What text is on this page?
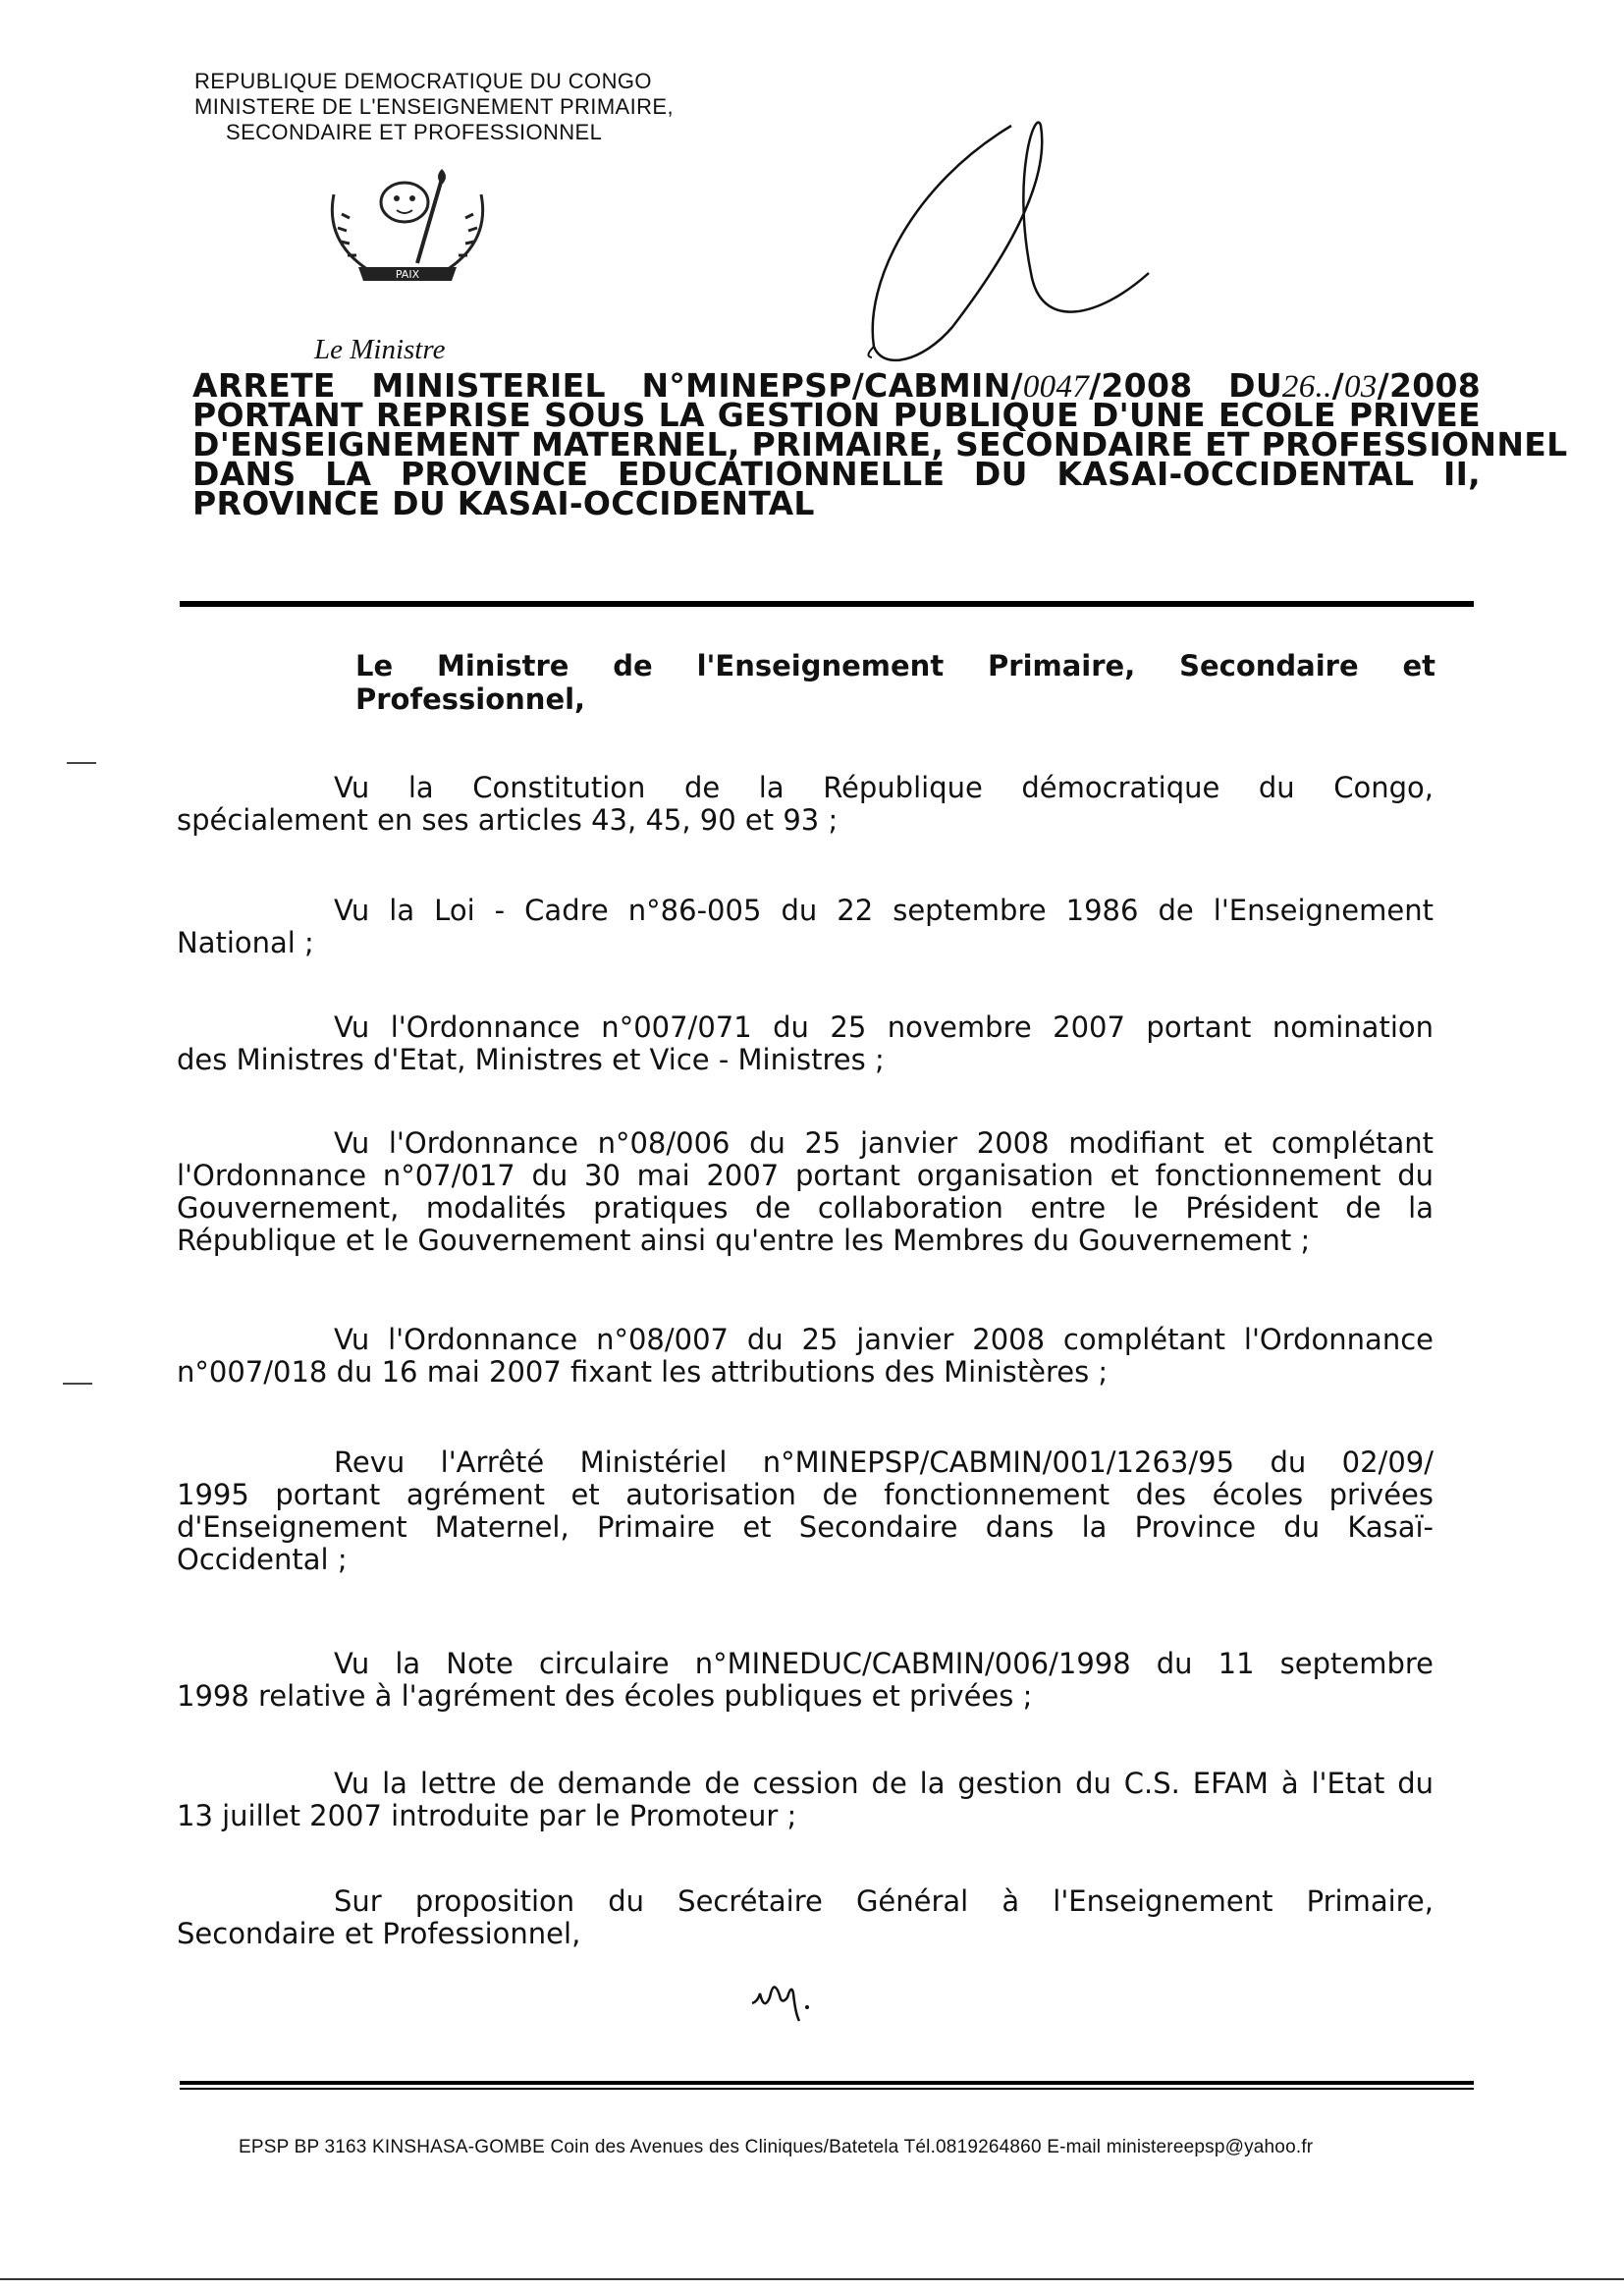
REPUBLIQUE DEMOCRATIQUE DU CONGO
MINISTERE DE L'ENSEIGNEMENT PRIMAIRE,
SECONDAIRE ET PROFESSIONNEL
PAIX
Le Ministre
ARRETE MINISTERIEL N°MINEPSP/CABMIN/0047/2008 DU26../03/2008
PORTANT REPRISE SOUS LA GESTION PUBLIQUE D'UNE ECOLE PRIVEE
D'ENSEIGNEMENT MATERNEL, PRIMAIRE, SECONDAIRE ET PROFESSIONNEL
DANS LA PROVINCE EDUCATIONNELLE DU KASAI-OCCIDENTAL II,
PROVINCE DU KASAI-OCCIDENTAL
Le Ministre de l'Enseignement Primaire, Secondaire et
Professionnel,
Vu la Constitution de la République démocratique du Congo,
spécialement en ses articles 43, 45, 90 et 93 ;
Vu la Loi - Cadre n°86-005 du 22 septembre 1986 de l'Enseignement
National ;
Vu l'Ordonnance n°007/071 du 25 novembre 2007 portant nomination
des Ministres d'Etat, Ministres et Vice - Ministres ;
Vu l'Ordonnance n°08/006 du 25 janvier 2008 modifiant et complétant
l'Ordonnance n°07/017 du 30 mai 2007 portant organisation et fonctionnement du
Gouvernement, modalités pratiques de collaboration entre le Président de la
République et le Gouvernement ainsi qu'entre les Membres du Gouvernement ;
Vu l'Ordonnance n°08/007 du 25 janvier 2008 complétant l'Ordonnance
n°007/018 du 16 mai 2007 fixant les attributions des Ministères ;
Revu l'Arrêté Ministériel n°MINEPSP/CABMIN/001/1263/95 du 02/09/
1995 portant agrément et autorisation de fonctionnement des écoles privées
d'Enseignement Maternel, Primaire et Secondaire dans la Province du Kasaï-
Occidental ;
Vu la Note circulaire n°MINEDUC/CABMIN/006/1998 du 11 septembre
1998 relative à l'agrément des écoles publiques et privées ;
Vu la lettre de demande de cession de la gestion du C.S. EFAM à l'Etat du
13 juillet 2007 introduite par le Promoteur ;
Sur proposition du Secrétaire Général à l'Enseignement Primaire,
Secondaire et Professionnel,
EPSP BP 3163 KINSHASA-GOMBE Coin des Avenues des Cliniques/Batetela Tél.0819264860 E-mail ministereepsp@yahoo.fr
